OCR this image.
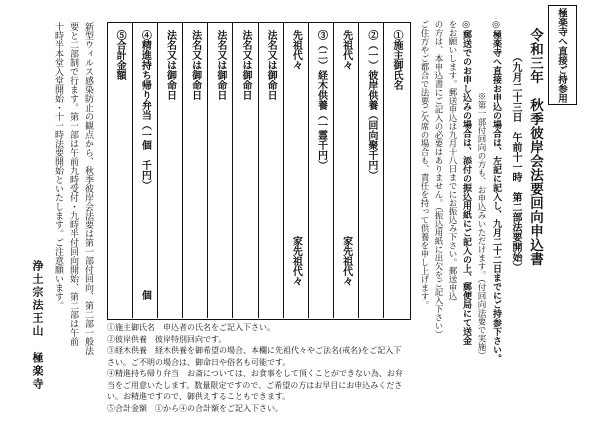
極楽寺へ直接ご持参用
令和三年　秋季彼岸会法要回向申込書
（九月二十三日　午前十一時　第二部法要開始）
◎極楽寺へ直接お申込の場合は、左記に記入し、九月二十二日までにご持参下さい。
※第一部付回向の方も、お申込みいただけます。（付回向法要で実施）
◎郵送でのお申し込みの場合は、添付の振込用紙にご記入の上、郵便局にて送金
をお願いします。郵送申込は九月十八日までにお振込み下さい。郵送申込
の方は、本申込書にご記入の必要はありません。（振込用紙に出欠をご記入下さい）
ご住方やご都合で法要ご欠席の場合も、責任を持って供養を申し上げます。
①施主御氏名
②（一）彼岸供養（回向聚千円）
先祖代々
家先祖代々
③（二）経木供養（一霊千円）
先祖代々
家先祖代々
法名又は御命日
法名又は御命日
法名又は御命日
法名又は御命日
法名又は御命日
④精進持ち帰り弁当（一個　千円）
個
⑤合計金額
新型ウィルス感染防止の観点から、秋季彼岸会法要は第一部付回向、第二部一般法
要と二部制で行ます。第一部は午前九時受付・九時半付回向開始、第二部は午前
十時半本堂入堂開始・十一時法要開始といたします。ご注意願います。
浄土宗法王山
極楽寺
①施主御氏名　申込者の氏名をご記入下さい。
②彼岸供養　彼岸特別回向です。
③経木供養　経木供養を御希望の場合、本欄に先祖代々やご法名(戒名)をご記入下さい。ご不明の場合は、御命日や俗名も可能です。
④精進持ち帰り弁当　お斎については、お食事をして頂くことができない為、お弁当をご用意いたします。数量限定ですので、ご希望の方はお早目にお申込みください。お精進ですので、御供えすることもできます。
⑤合計金額　①から④の合計額をご記入下さい。
